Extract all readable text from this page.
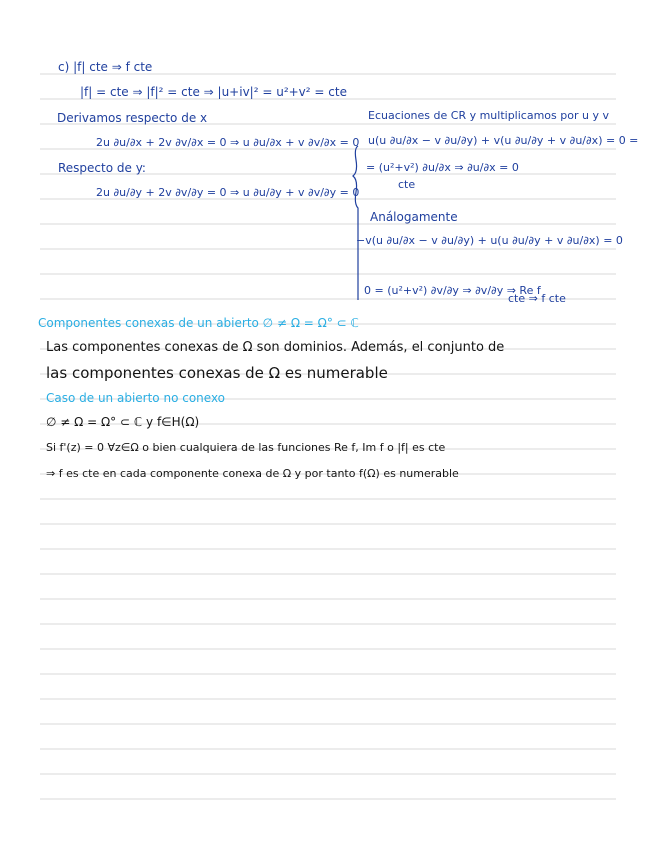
c) |f| cte ⇒ f cte
|f| = cte ⇒ |f|² = cte ⇒ |u+iv|² = u²+v² = cte
Derivamos respecto de x
2u ∂u/∂x + 2v ∂v/∂x = 0 ⇒ u ∂u/∂x + v ∂v/∂x = 0
Respecto de y:
2u ∂u/∂y + 2v ∂v/∂y = 0 ⇒ u ∂u/∂y + v ∂v/∂y = 0
Ecuaciones de CR y multiplicamos por u y v
u(u ∂u/∂x − v ∂u/∂y) + v(u ∂u/∂y + v ∂u/∂x) = 0 =
= (u²+v²) ∂u/∂x ⇒ ∂u/∂x = 0
cte
Análogamente
−v(u ∂u/∂x − v ∂u/∂y) + u(u ∂u/∂y + v ∂u/∂x) = 0
0 = (u²+v²) ∂v/∂y ⇒ ∂v/∂y ⇒ Re f
cte ⇒ f cte
Componentes conexas de un abierto ∅ ≠ Ω = Ω° ⊂ ℂ
Las componentes conexas de Ω son dominios. Además, el conjunto de
las componentes conexas de Ω es numerable
Caso de un abierto no conexo
∅ ≠ Ω = Ω° ⊂ ℂ y f∈H(Ω)
Si f'(z) = 0 ∀z∈Ω o bien cualquiera de las funciones Re f, Im f o |f| es cte
⇒ f es cte en cada componente conexa de Ω y por tanto f(Ω) es numerable
